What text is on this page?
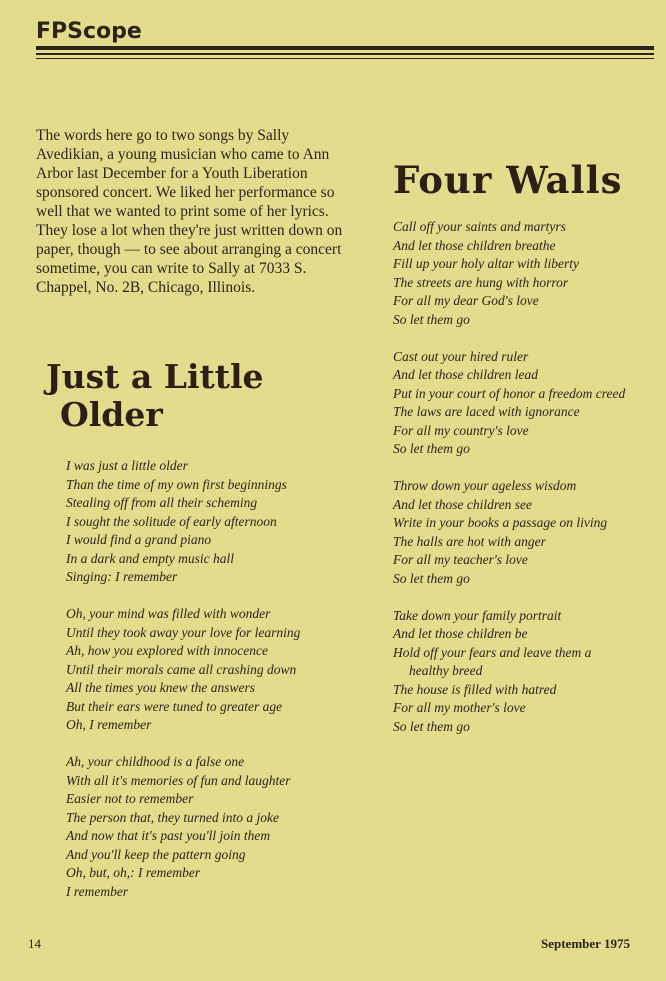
FPScope

The words here go to two songs by Sally Avedikian, a young musician who came to Ann Arbor last December for a Youth Liberation sponsored concert. We liked her performance so well that we wanted to print some of her lyrics. They lose a lot when they're just written down on paper, though — to see about arranging a concert sometime, you can write to Sally at 7033 S. Chappel, No. 2B, Chicago, Illinois.

Four Walls
Just a Little
Older
I was just a little older
Than the time of my own first beginnings
Stealing off from all their scheming
I sought the solitude of early afternoon
I would find a grand piano
In a dark and empty music hall
Singing: I remember
Oh, your mind was filled with wonder
Until they took away your love for learning
Ah, how you explored with innocence
Until their morals came all crashing down
All the times you knew the answers
But their ears were tuned to greater age
Oh, I remember
Ah, your childhood is a false one
With all it's memories of fun and laughter
Easier not to remember
The person that, they turned into a joke
And now that it's past you'll join them
And you'll keep the pattern going
Oh, but, oh,: I remember
I remember
Call off your saints and martyrs
And let those children breathe
Fill up your holy altar with liberty
The streets are hung with horror
For all my dear God's love
So let them go
Cast out your hired ruler
And let those children lead
Put in your court of honor a freedom creed
The laws are laced with ignorance
For all my country's love
So let them go
Throw down your ageless wisdom
And let those children see
Write in your books a passage on living
The halls are hot with anger
For all my teacher's love
So let them go
Take down your family portrait
And let those children be
Hold off your fears and leave them a
healthy breed
The house is filled with hatred
For all my mother's love
So let them go
14	September 1975
